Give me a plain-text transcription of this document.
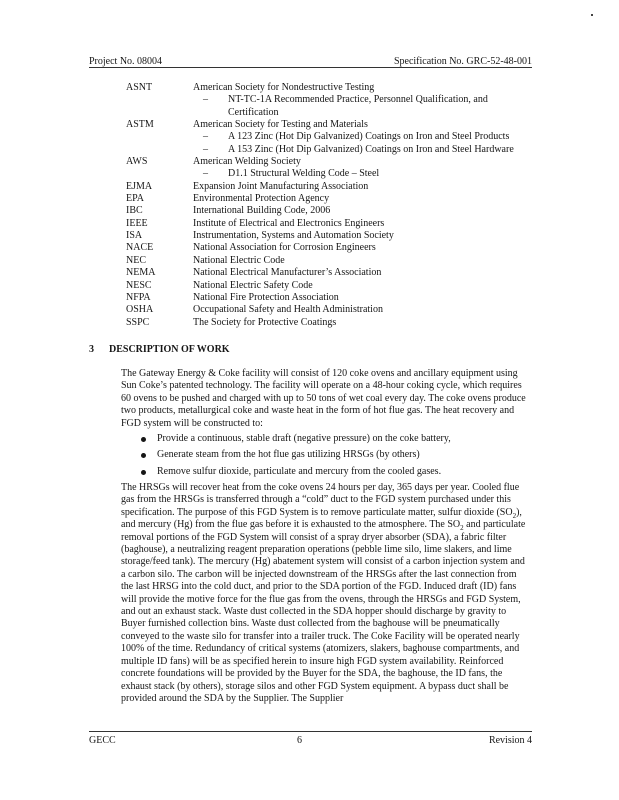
Project No. 08004	Specification No. GRC-52-48-001
ASNT	American Society for Nondestructive Testing
– NT-TC-1A Recommended Practice, Personnel Qualification, and Certification
ASTM	American Society for Testing and Materials
– A 123 Zinc (Hot Dip Galvanized) Coatings on Iron and Steel Products
– A 153 Zinc (Hot Dip Galvanized) Coatings on Iron and Steel Hardware
AWS	American Welding Society
– D1.1 Structural Welding Code – Steel
EJMA	Expansion Joint Manufacturing Association
EPA	Environmental Protection Agency
IBC	International Building Code, 2006
IEEE	Institute of Electrical and Electronics Engineers
ISA	Instrumentation, Systems and Automation Society
NACE	National Association for Corrosion Engineers
NEC	National Electric Code
NEMA	National Electrical Manufacturer’s Association
NESC	National Electric Safety Code
NFPA	National Fire Protection Association
OSHA	Occupational Safety and Health Administration
SSPC	The Society for Protective Coatings
3 DESCRIPTION OF WORK
The Gateway Energy & Coke facility will consist of 120 coke ovens and ancillary equipment using Sun Coke’s patented technology. The facility will operate on a 48-hour coking cycle, which requires 60 ovens to be pushed and charged with up to 50 tons of wet coal every day. The coke ovens produce two products, metallurgical coke and waste heat in the form of hot flue gas. The heat recovery and FGD system will be constructed to:
Provide a continuous, stable draft (negative pressure) on the coke battery,
Generate steam from the hot flue gas utilizing HRSGs (by others)
Remove sulfur dioxide, particulate and mercury from the cooled gases.
The HRSGs will recover heat from the coke ovens 24 hours per day, 365 days per year. Cooled flue gas from the HRSGs is transferred through a “cold” duct to the FGD system purchased under this specification. The purpose of this FGD System is to remove particulate matter, sulfur dioxide $(SO_2)$, and mercury (Hg) from the flue gas before it is exhausted to the atmosphere. The $SO_2$ and particulate removal portions of the FGD System will consist of a spray dryer absorber (SDA), a fabric filter (baghouse), a neutralizing reagent preparation operations (pebble lime silo, lime slakers, and lime storage/feed tank). The mercury (Hg) abatement system will consist of a carbon injection system and a carbon silo. The carbon will be injected downstream of the HRSGs after the last connection from the last HRSG into the cold duct, and prior to the SDA portion of the FGD. Induced draft (ID) fans will provide the motive force for the flue gas from the ovens, through the HRSGs and FGD System, and out an exhaust stack. Waste dust collected in the SDA hopper should discharge by gravity to Buyer furnished collection bins. Waste dust collected from the baghouse will be pneumatically conveyed to the waste silo for transfer into a trailer truck. The Coke Facility will be operated nearly 100% of the time. Redundancy of critical systems (atomizers, slakers, baghouse compartments, and multiple ID fans) will be as specified herein to insure high FGD system availability. Reinforced concrete foundations will be provided by the Buyer for the SDA, the baghouse, the ID fans, the exhaust stack (by others), storage silos and other FGD System equipment. A bypass duct shall be provided around the SDA by the Supplier. The Supplier
GECC	6	Revision 4
